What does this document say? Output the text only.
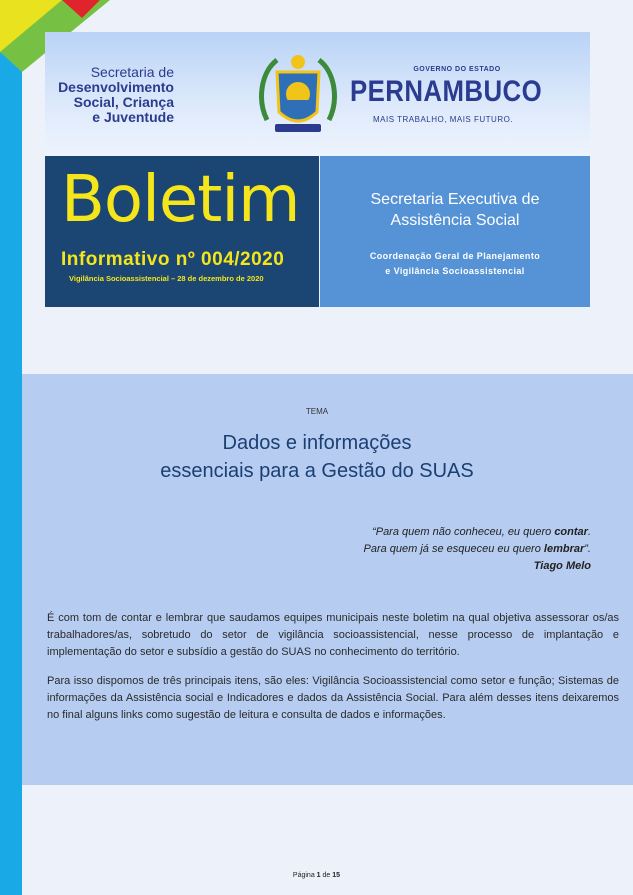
Secretaria de
Desenvolvimento
Social, Criança
e Juventude
GOVERNO DO ESTADO
PERNAMBUCO
MAIS TRABALHO, MAIS FUTURO.
Boletim
Informativo nº 004/2020
Vigilância Socioassistencial – 28 de dezembro de 2020
Secretaria Executiva de
Assistência Social
Coordenação Geral de Planejamento
e Vigilância Socioassistencial
TEMA
Dados e informações
essenciais para a Gestão do SUAS
“Para quem não conheceu, eu quero contar.
Para quem já se esqueceu eu quero lembrar”.
Tiago Melo

É com tom de contar e lembrar que saudamos equipes municipais neste boletim na qual objetiva assessorar os/as trabalhadores/as, sobretudo do setor de vigilância socioassistencial, nesse processo de implantação e implementação do setor e subsídio a gestão do SUAS no conhecimento do território.

Para isso dispomos de três principais itens, são eles: Vigilância Socioassistencial como setor e função; Sistemas de informações da Assistência social e Indicadores e dados da Assistência Social. Para além desses itens deixaremos no final alguns links como sugestão de leitura e consulta de dados e informações.

Página 1 de 15
